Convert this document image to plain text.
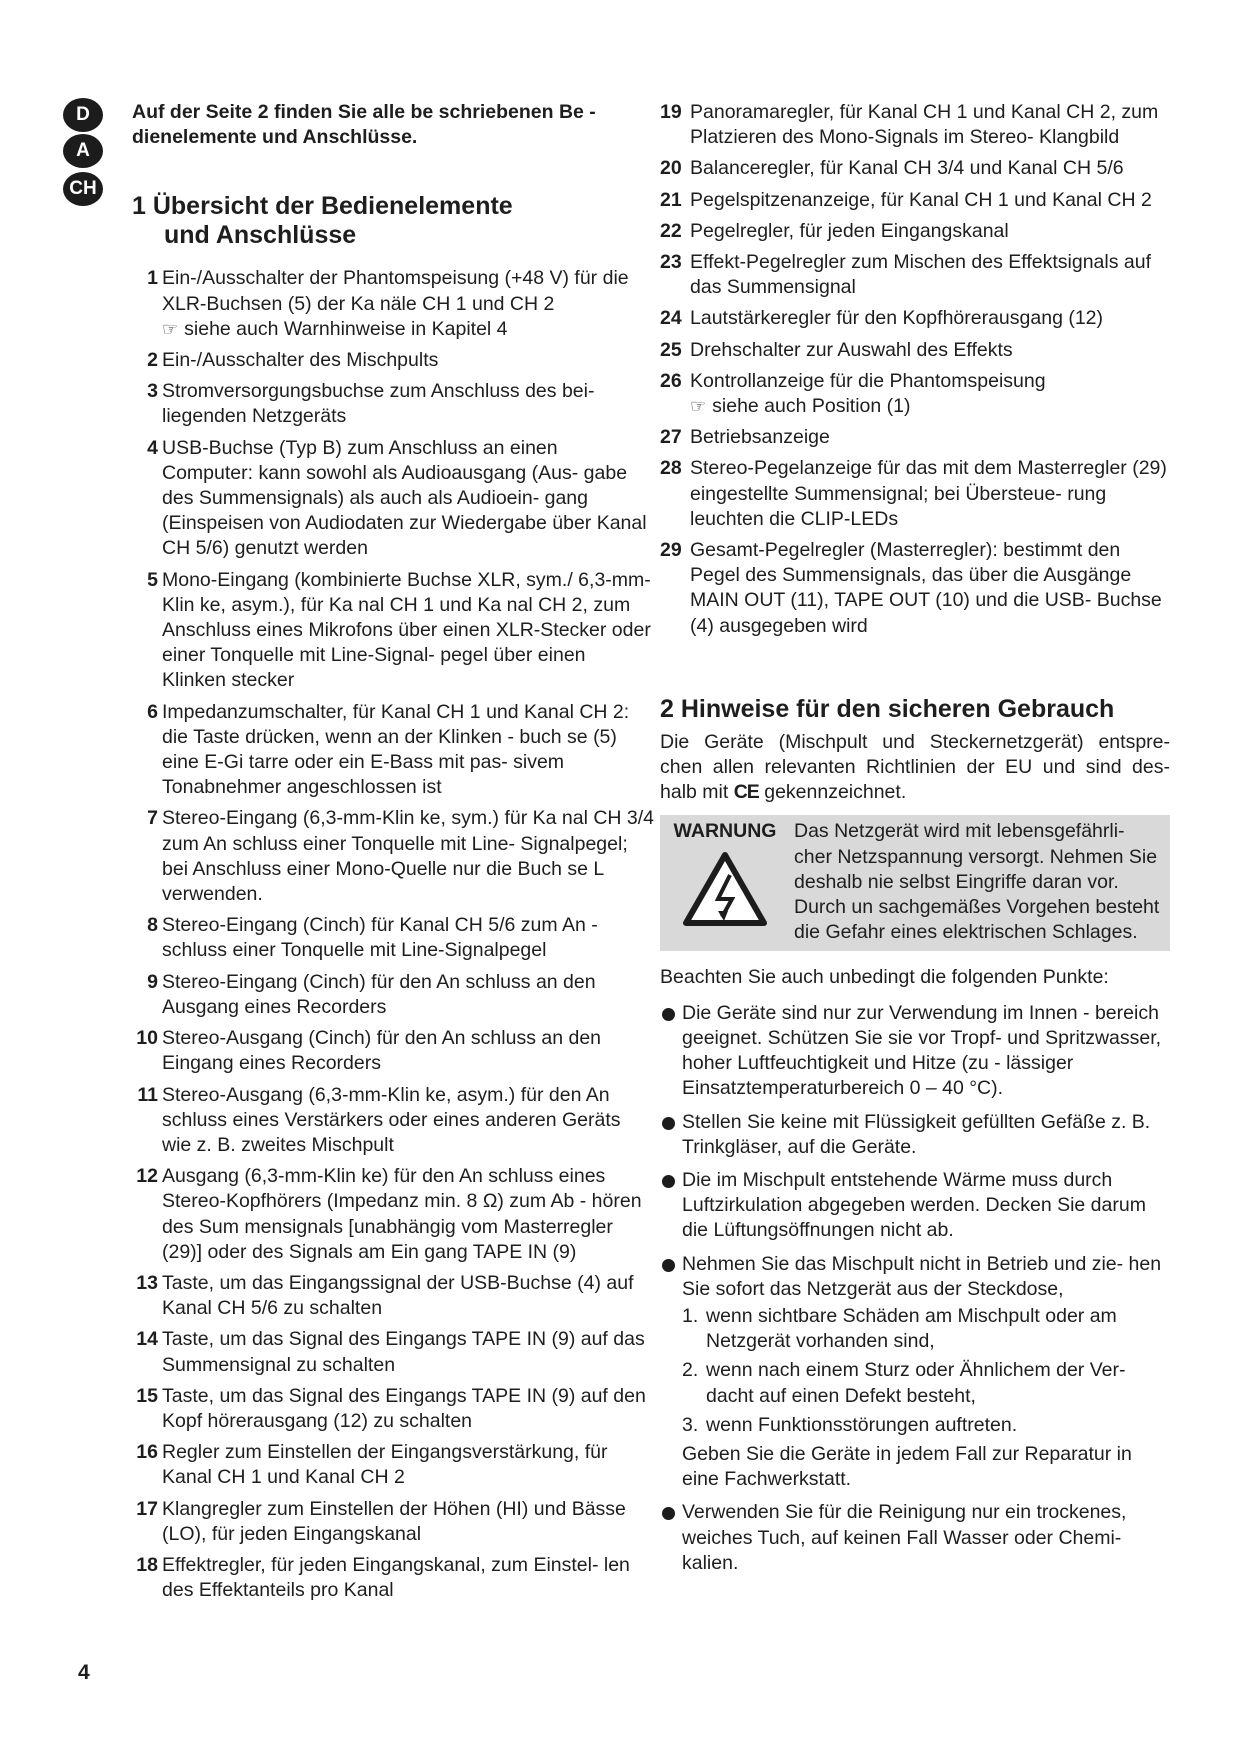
D
A
CH

Auf der Seite 2 finden Sie alle be schriebenen Be - dienelemente und Anschlüsse.

1 Übersicht der Bedienelemente
und Anschlüsse
1 Ein-/Ausschalter der Phantomspeisung (+48 V) für die XLR-Buchsen (5) der Ka näle CH 1 und CH 2
☞ siehe auch Warnhinweise in Kapitel 4
2 Ein-/Ausschalter des Mischpults
3 Stromversorgungsbuchse zum Anschluss des bei- liegenden Netzgeräts
4 USB-Buchse (Typ B) zum Anschluss an einen Computer: kann sowohl als Audioausgang (Aus- gabe des Summensignals) als auch als Audioein- gang (Einspeisen von Audiodaten zur Wiedergabe über Kanal CH 5/6) genutzt werden
5 Mono-Eingang (kombinierte Buchse XLR, sym./ 6,3-mm-Klin ke, asym.), für Ka nal CH 1 und Ka nal CH 2, zum Anschluss eines Mikrofons über einen XLR-Stecker oder einer Tonquelle mit Line-Signal- pegel über einen Klinken stecker
6 Impedanzumschalter, für Kanal CH 1 und Kanal CH 2: die Taste drücken, wenn an der Klinken - buch se (5) eine E-Gi tarre oder ein E-Bass mit pas- sivem Tonabnehmer angeschlossen ist
7 Stereo-Eingang (6,3-mm-Klin ke, sym.) für Ka nal CH 3/4 zum An schluss einer Tonquelle mit Line- Signalpegel; bei Anschluss einer Mono-Quelle nur die Buch se L verwenden.
8 Stereo-Eingang (Cinch) für Kanal CH 5/6 zum An - schluss einer Tonquelle mit Line-Signalpegel
9 Stereo-Eingang (Cinch) für den An schluss an den Ausgang eines Recorders
10 Stereo-Ausgang (Cinch) für den An schluss an den Eingang eines Recorders
11 Stereo-Ausgang (6,3-mm-Klin ke, asym.) für den An schluss eines Verstärkers oder eines anderen Geräts wie z. B. zweites Mischpult
12 Ausgang (6,3-mm-Klin ke) für den An schluss eines Stereo-Kopfhörers (Impedanz min. 8 Ω) zum Ab - hören des Sum mensignals [unabhängig vom Masterregler (29)] oder des Signals am Ein gang TAPE IN (9)
13 Taste, um das Eingangssignal der USB-Buchse (4) auf Kanal CH 5/6 zu schalten
14 Taste, um das Signal des Eingangs TAPE IN (9) auf das Summensignal zu schalten
15 Taste, um das Signal des Eingangs TAPE IN (9) auf den Kopf hörerausgang (12) zu schalten
16 Regler zum Einstellen der Eingangsverstärkung, für Kanal CH 1 und Kanal CH 2
17 Klangregler zum Einstellen der Höhen (HI) und Bässe (LO), für jeden Eingangskanal
18 Effektregler, für jeden Eingangskanal, zum Einstel- len des Effektanteils pro Kanal
19 Panoramaregler, für Kanal CH 1 und Kanal CH 2, zum Platzieren des Mono-Signals im Stereo- Klangbild
20 Balanceregler, für Kanal CH 3/4 und Kanal CH 5/6
21 Pegelspitzenanzeige, für Kanal CH 1 und Kanal CH 2
22 Pegelregler, für jeden Eingangskanal
23 Effekt-Pegelregler zum Mischen des Effektsignals auf das Summensignal
24 Lautstärkeregler für den Kopfhörerausgang (12)
25 Drehschalter zur Auswahl des Effekts
26 Kontrollanzeige für die Phantomspeisung
☞ siehe auch Position (1)
27 Betriebsanzeige
28 Stereo-Pegelanzeige für das mit dem Masterregler (29) eingestellte Summensignal; bei Übersteue- rung leuchten die CLIP-LEDs
29 Gesamt-Pegelregler (Masterregler): bestimmt den Pegel des Summensignals, das über die Ausgänge MAIN OUT (11), TAPE OUT (10) und die USB- Buchse (4) ausgegeben wird
2 Hinweise für den sicheren Gebrauch

Die Geräte (Mischpult und Steckernetzgerät) entspre- chen allen relevanten Richtlinien der EU und sind des- halb mit CE gekennzeichnet.

WARNUNG Das Netzgerät wird mit lebensgefährli- cher Netzspannung versorgt. Nehmen Sie deshalb nie selbst Eingriffe daran vor. Durch un sachgemäßes Vorgehen besteht die Gefahr eines elektrischen Schlages.

Beachten Sie auch unbedingt die folgenden Punkte:

Die Geräte sind nur zur Verwendung im Innen - bereich geeignet. Schützen Sie sie vor Tropf- und Spritzwasser, hoher Luftfeuchtigkeit und Hitze (zu - lässiger Einsatztemperaturbereich 0 – 40 °C).
Stellen Sie keine mit Flüssigkeit gefüllten Gefäße z. B. Trinkgläser, auf die Geräte.
Die im Mischpult entstehende Wärme muss durch Luftzirkulation abgegeben werden. Decken Sie darum die Lüftungsöffnungen nicht ab.
Nehmen Sie das Mischpult nicht in Betrieb und zie- hen Sie sofort das Netzgerät aus der Steckdose,
1. wenn sichtbare Schäden am Mischpult oder am Netzgerät vorhanden sind,
2. wenn nach einem Sturz oder Ähnlichem der Ver- dacht auf einen Defekt besteht,
3. wenn Funktionsstörungen auftreten.
Geben Sie die Geräte in jedem Fall zur Reparatur in eine Fachwerkstatt.
Verwenden Sie für die Reinigung nur ein trockenes, weiches Tuch, auf keinen Fall Wasser oder Chemi- kalien.
4
